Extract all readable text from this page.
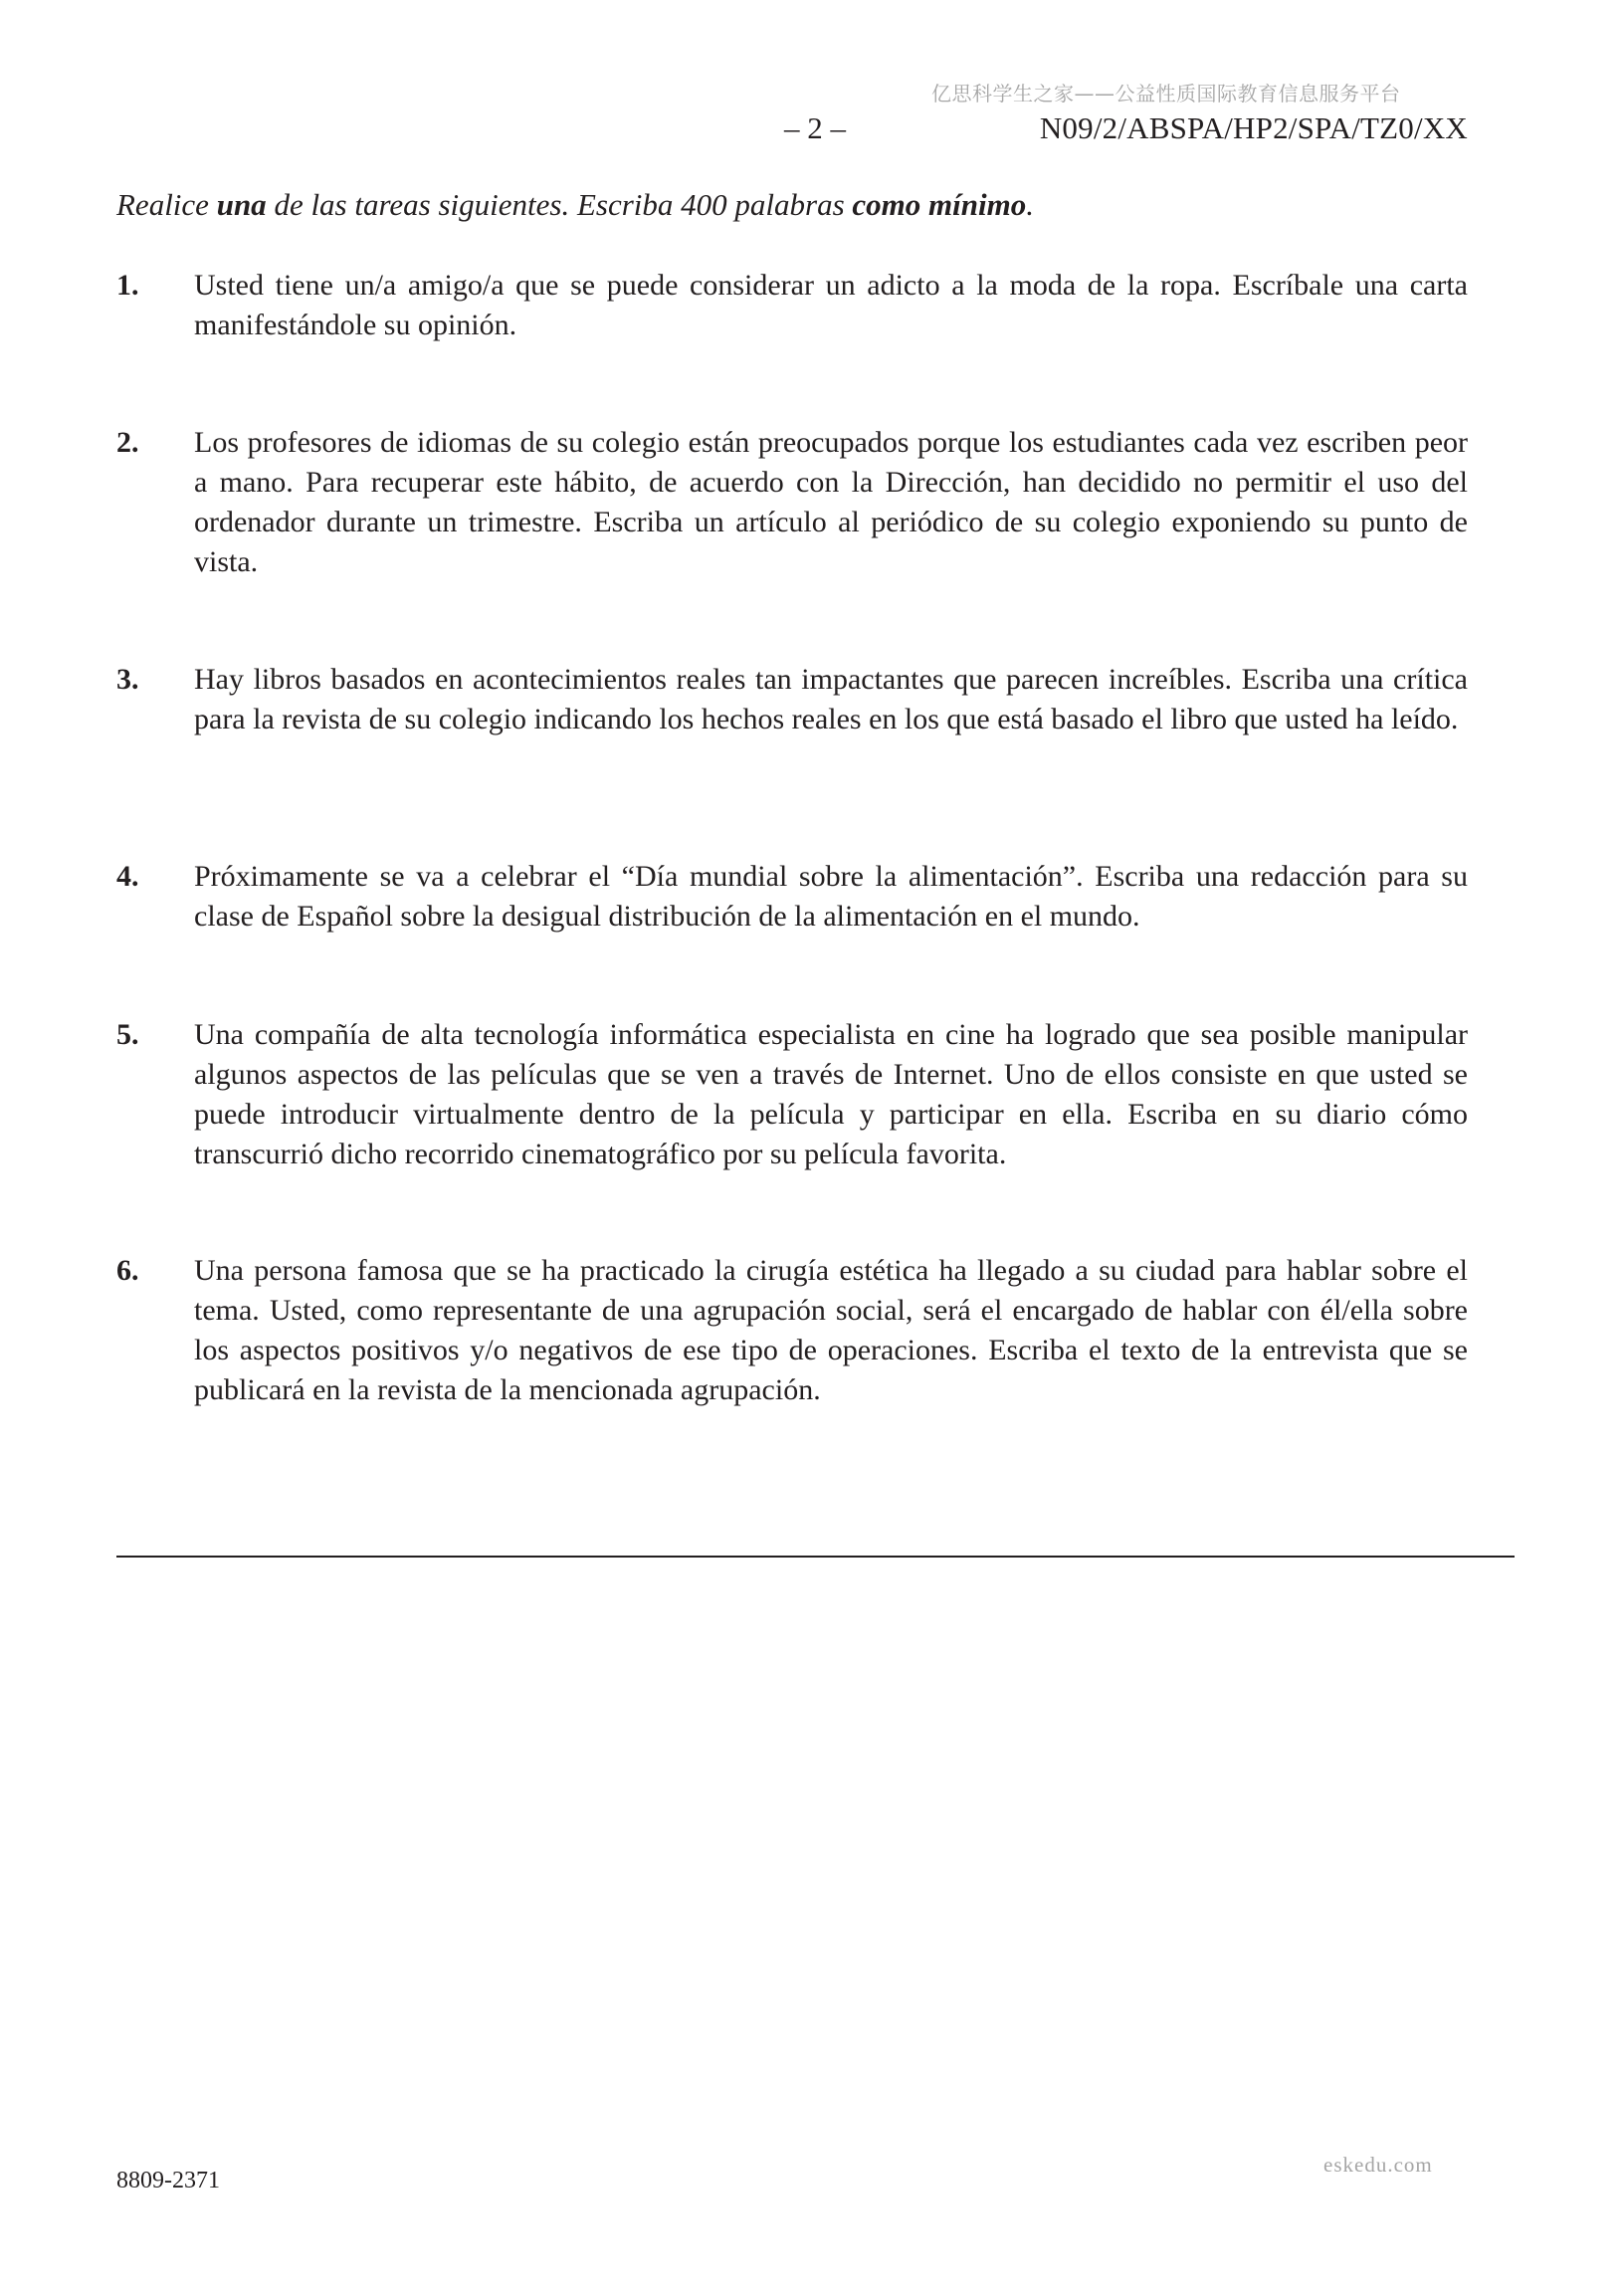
亿思科学生之家——公益性质国际教育信息服务平台
– 2 –	N09/2/ABSPA/HP2/SPA/TZ0/XX
Realice una de las tareas siguientes. Escriba 400 palabras como mínimo.
1. Usted tiene un/a amigo/a que se puede considerar un adicto a la moda de la ropa. Escríbale una carta manifestándole su opinión.
2. Los profesores de idiomas de su colegio están preocupados porque los estudiantes cada vez escriben peor a mano. Para recuperar este hábito, de acuerdo con la Dirección, han decidido no permitir el uso del ordenador durante un trimestre. Escriba un artículo al periódico de su colegio exponiendo su punto de vista.
3. Hay libros basados en acontecimientos reales tan impactantes que parecen increíbles. Escriba una crítica para la revista de su colegio indicando los hechos reales en los que está basado el libro que usted ha leído.
4. Próximamente se va a celebrar el “Día mundial sobre la alimentación”. Escriba una redacción para su clase de Español sobre la desigual distribución de la alimentación en el mundo.
5. Una compañía de alta tecnología informática especialista en cine ha logrado que sea posible manipular algunos aspectos de las películas que se ven a través de Internet. Uno de ellos consiste en que usted se puede introducir virtualmente dentro de la película y participar en ella. Escriba en su diario cómo transcurrió dicho recorrido cinematográfico por su película favorita.
6. Una persona famosa que se ha practicado la cirugía estética ha llegado a su ciudad para hablar sobre el tema. Usted, como representante de una agrupación social, será el encargado de hablar con él/ella sobre los aspectos positivos y/o negativos de ese tipo de operaciones. Escriba el texto de la entrevista que se publicará en la revista de la mencionada agrupación.
8809-2371
eskedu.com
